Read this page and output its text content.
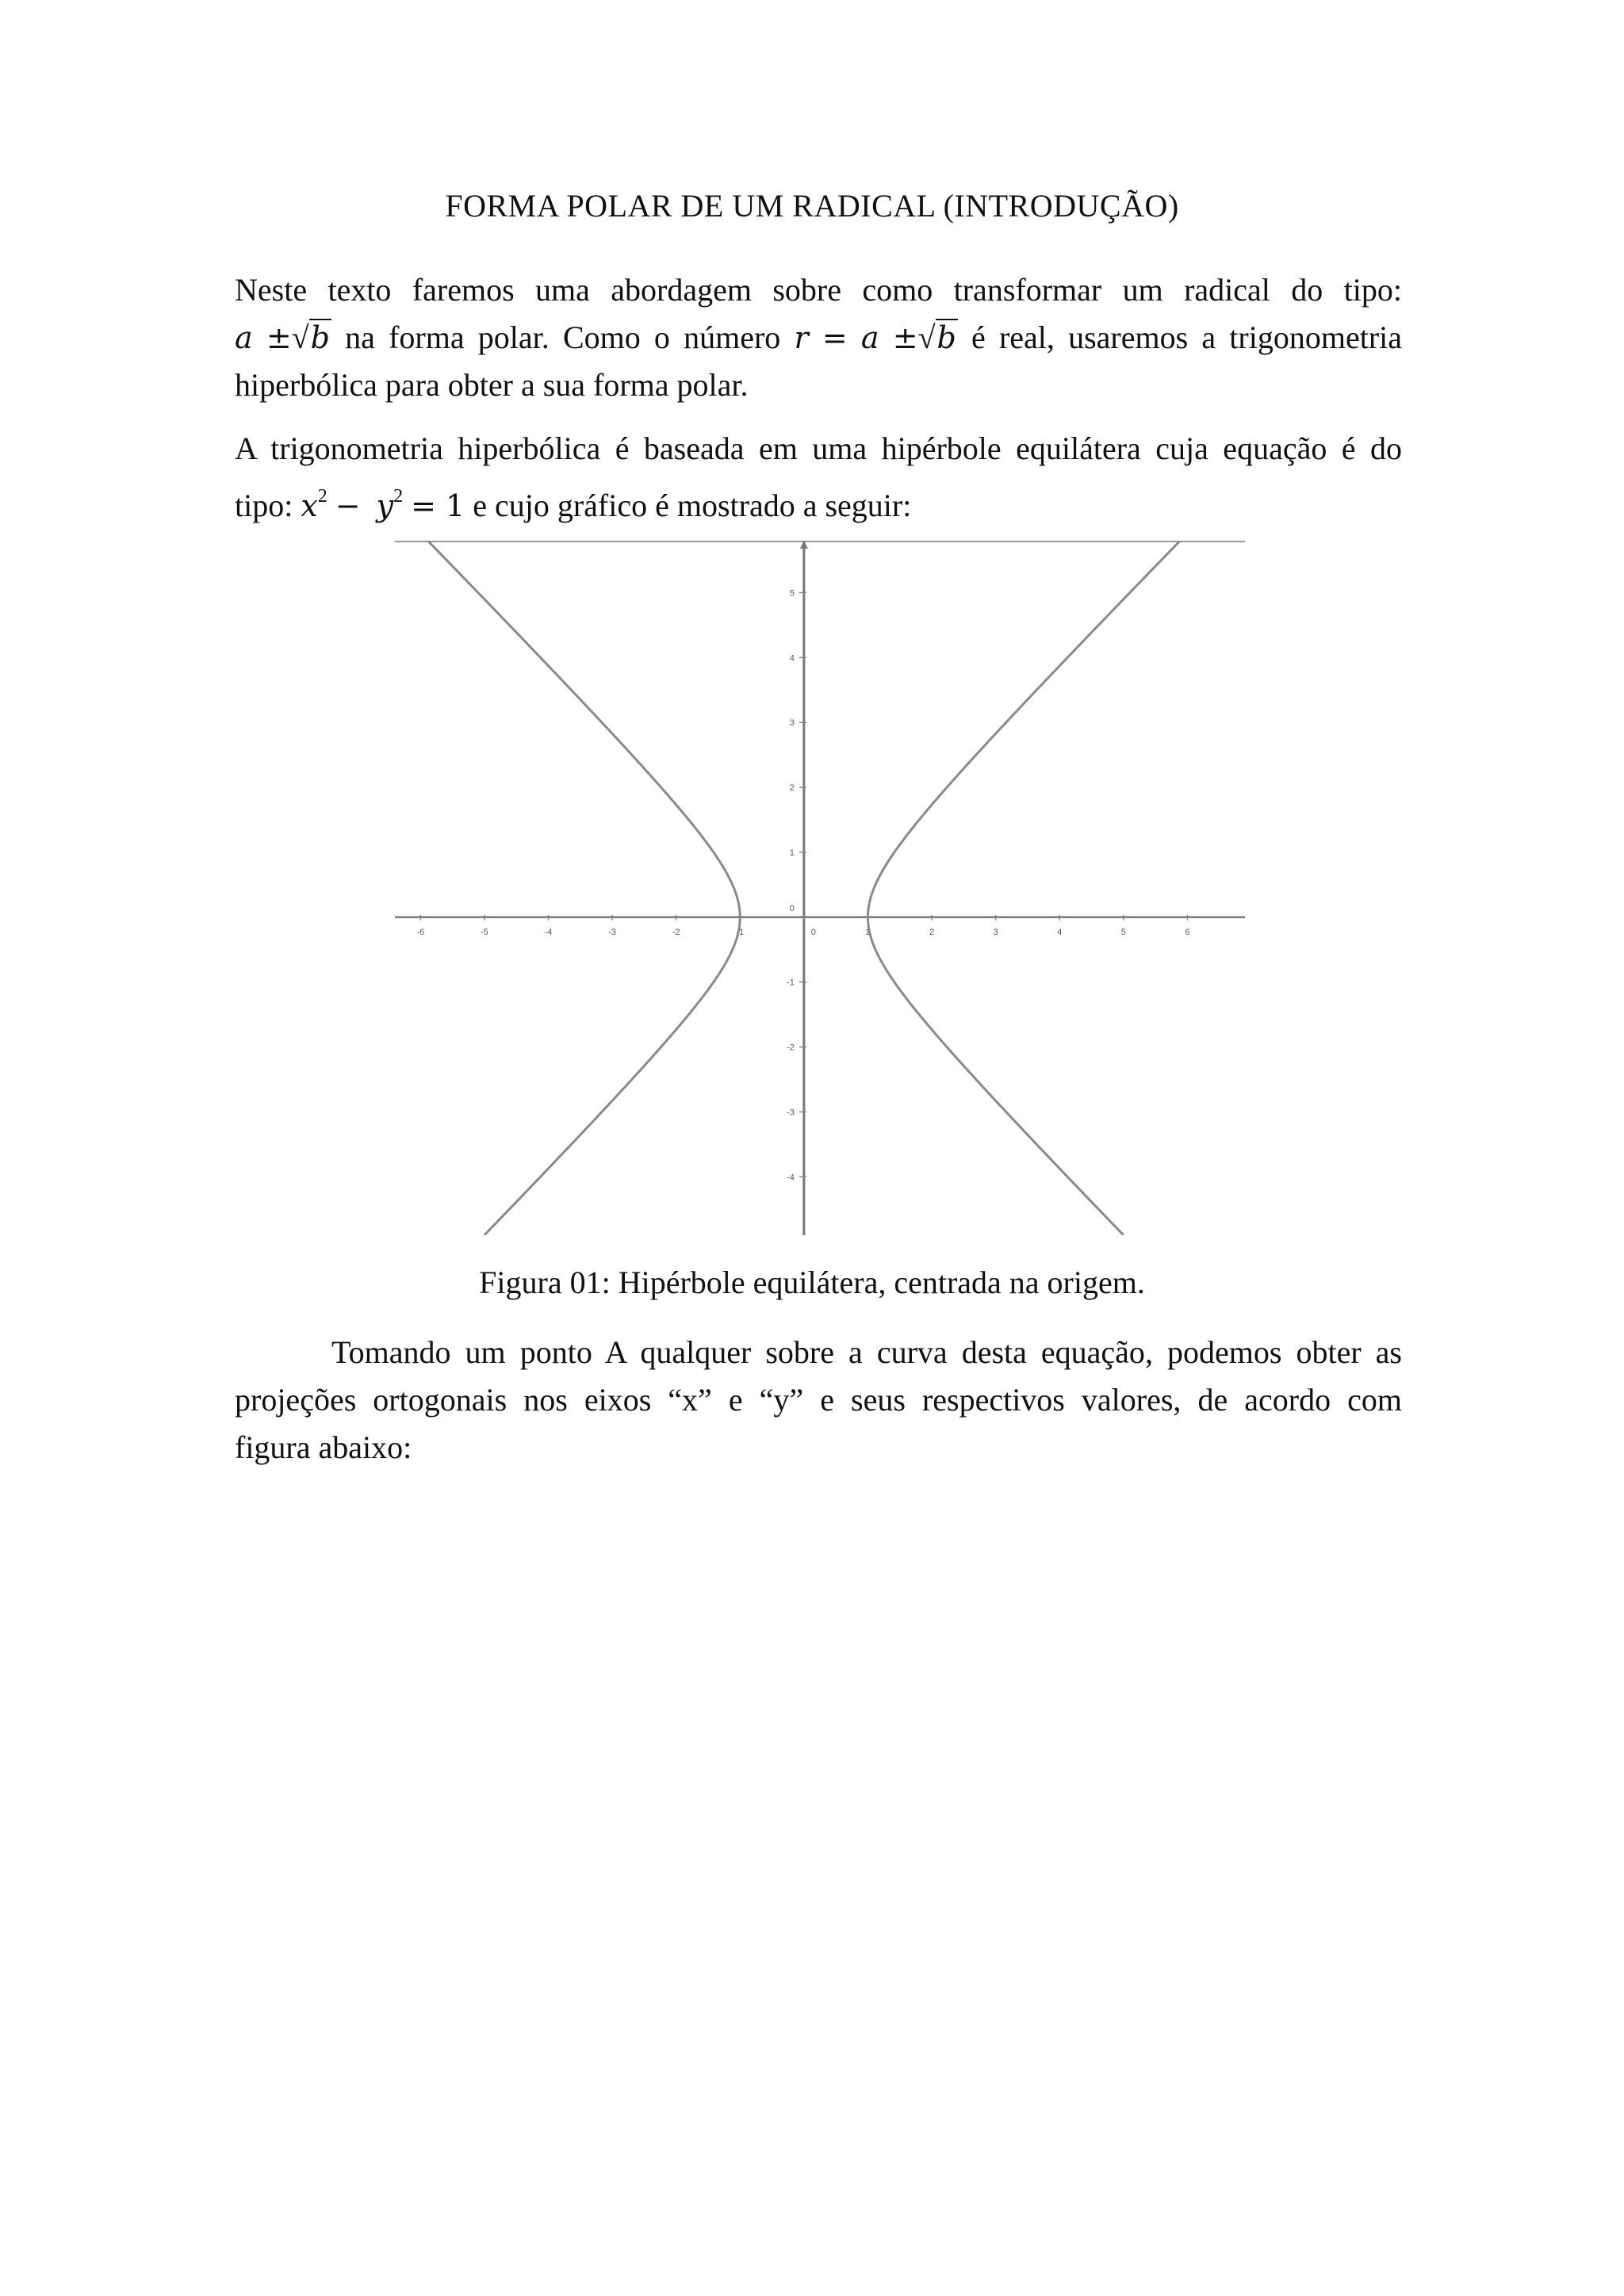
FORMA POLAR DE UM RADICAL (INTRODUÇÃO)
Neste texto faremos uma abordagem sobre como transformar um radical do tipo:
a ±√b na forma polar. Como o número r = a ±√b é real, usaremos a trigonometria
hiperbólica para obter a sua forma polar.
A trigonometria hiperbólica é baseada em uma hipérbole equilátera cuja equação é do
tipo: $x^2 - y^2 = 1$ e cujo gráfico é mostrado a seguir:
-6	-5	-4	-3	-2	-1	0	1	2	3	4	5	6
-4
-3
-2
-1
0
1
2
3
4
5
Figura 01: Hipérbole equilátera, centrada na origem.
Tomando um ponto A qualquer sobre a curva desta equação, podemos obter as
projeções ortogonais nos eixos “x” e “y” e seus respectivos valores, de acordo com
figura abaixo:
